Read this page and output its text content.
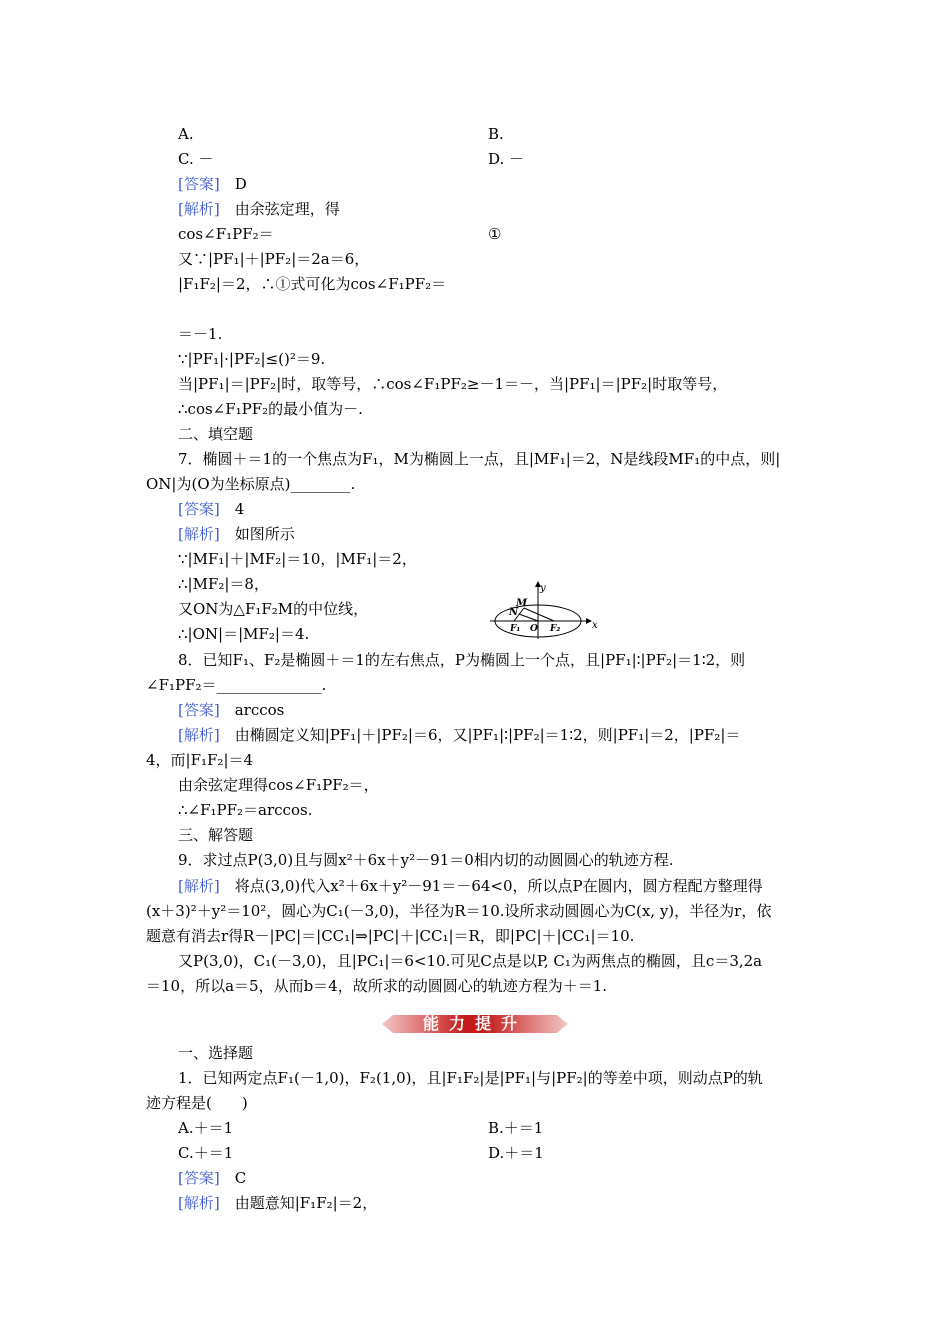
A.	B.
C. －	D. －
[答案]　D
[解析]　由余弦定理，得
cos∠F₁PF₂＝	①
又∵|PF₁|＋|PF₂|＝2a＝6，
|F₁F₂|＝2，∴①式可化为cos∠F₁PF₂＝
＝－1.
∵|PF₁|·|PF₂|≤()²＝9.
当|PF₁|＝|PF₂|时，取等号，∴cos∠F₁PF₂≥－1＝－，当|PF₁|＝|PF₂|时取等号，
∴cos∠F₁PF₂的最小值为－.
二、填空题
7．椭圆＋＝1的一个焦点为F₁，M为椭圆上一点，且|MF₁|＝2，N是线段MF₁的中点，则|
ON|为(O为坐标原点)________.
[答案]　4
[解析]　如图所示
∵|MF₁|＋|MF₂|＝10，|MF₁|＝2，
∴|MF₂|＝8，
又ON为△F₁F₂M的中位线，
∴|ON|＝|MF₂|＝4.
8．已知F₁、F₂是椭圆＋＝1的左右焦点，P为椭圆上一个点，且|PF₁|∶|PF₂|＝1∶2，则
∠F₁PF₂＝______________.
[答案]　arccos
[解析]　由椭圆定义知|PF₁|＋|PF₂|＝6，又|PF₁|∶|PF₂|＝1∶2，则|PF₁|＝2，|PF₂|＝
4，而|F₁F₂|＝4
由余弦定理得cos∠F₁PF₂＝，
∴∠F₁PF₂＝arccos.
三、解答题
9．求过点P(3,0)且与圆x²＋6x＋y²－91＝0相内切的动圆圆心的轨迹方程.
[解析]　将点(3,0)代入x²＋6x＋y²－91＝－64<0，所以点P在圆内，圆方程配方整理得
(x＋3)²＋y²＝10²，圆心为C₁(－3,0)，半径为R＝10.设所求动圆圆心为C(x, y)，半径为r，依
题意有消去r得R－|PC|＝|CC₁|⇒|PC|＋|CC₁|＝R，即|PC|＋|CC₁|＝10.
又P(3,0)，C₁(－3,0)，且|PC₁|＝6<10.可见C点是以P, C₁为两焦点的椭圆，且c＝3,2a
＝10，所以a＝5，从而b＝4，故所求的动圆圆心的轨迹方程为＋＝1.
一、选择题
1．已知两定点F₁(－1,0)，F₂(1,0)，且|F₁F₂|是|PF₁|与|PF₂|的等差中项，则动点P的轨
迹方程是(　　)
A.＋＝1	B.＋＝1
C.＋＝1	D.＋＝1
[答案]　C
[解析]　由题意知|F₁F₂|＝2，
能力提升
y
x
M
N
F₁ O F₂
